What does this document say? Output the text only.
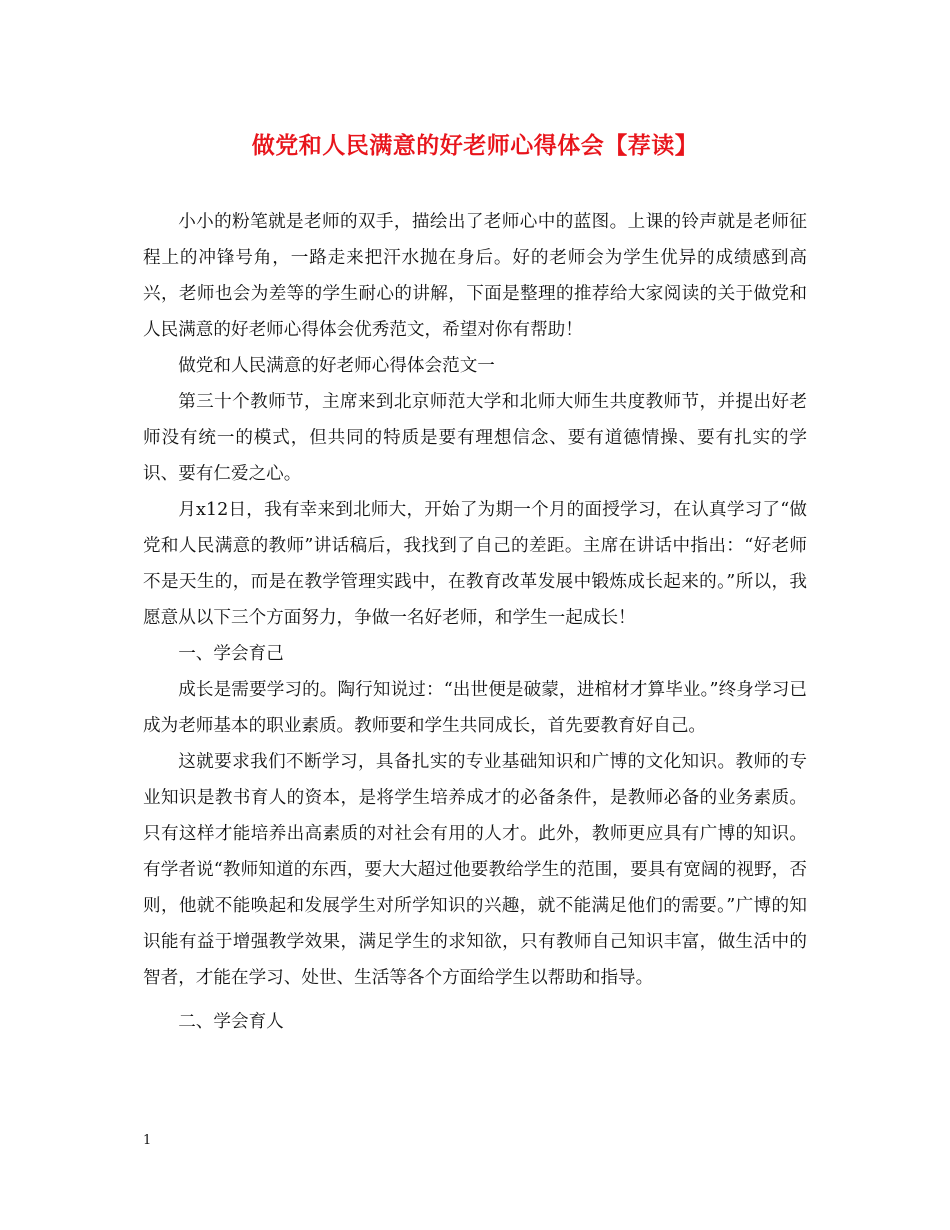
做党和人民满意的好老师心得体会【荐读】

小小的粉笔就是老师的双手，描绘出了老师心中的蓝图。上课的铃声就是老师征程上的冲锋号角，一路走来把汗水抛在身后。好的老师会为学生优异的成绩感到高兴，老师也会为差等的学生耐心的讲解，下面是整理的推荐给大家阅读的关于做党和人民满意的好老师心得体会优秀范文，希望对你有帮助！

做党和人民满意的好老师心得体会范文一

第三十个教师节，主席来到北京师范大学和北师大师生共度教师节，并提出好老师没有统一的模式，但共同的特质是要有理想信念、要有道德情操、要有扎实的学识、要有仁爱之心。

月x12日，我有幸来到北师大，开始了为期一个月的面授学习，在认真学习了“做党和人民满意的教师”讲话稿后，我找到了自己的差距。主席在讲话中指出：“好老师不是天生的，而是在教学管理实践中，在教育改革发展中锻炼成长起来的。”所以，我愿意从以下三个方面努力，争做一名好老师，和学生一起成长！

一、学会育己

成长是需要学习的。陶行知说过：“出世便是破蒙，进棺材才算毕业。”终身学习已成为老师基本的职业素质。教师要和学生共同成长，首先要教育好自己。

这就要求我们不断学习，具备扎实的专业基础知识和广博的文化知识。教师的专业知识是教书育人的资本，是将学生培养成才的必备条件，是教师必备的业务素质。只有这样才能培养出高素质的对社会有用的人才。此外，教师更应具有广博的知识。有学者说“教师知道的东西，要大大超过他要教给学生的范围，要具有宽阔的视野，否则，他就不能唤起和发展学生对所学知识的兴趣，就不能满足他们的需要。”广博的知识能有益于增强教学效果，满足学生的求知欲，只有教师自己知识丰富，做生活中的智者，才能在学习、处世、生活等各个方面给学生以帮助和指导。

二、学会育人

1
